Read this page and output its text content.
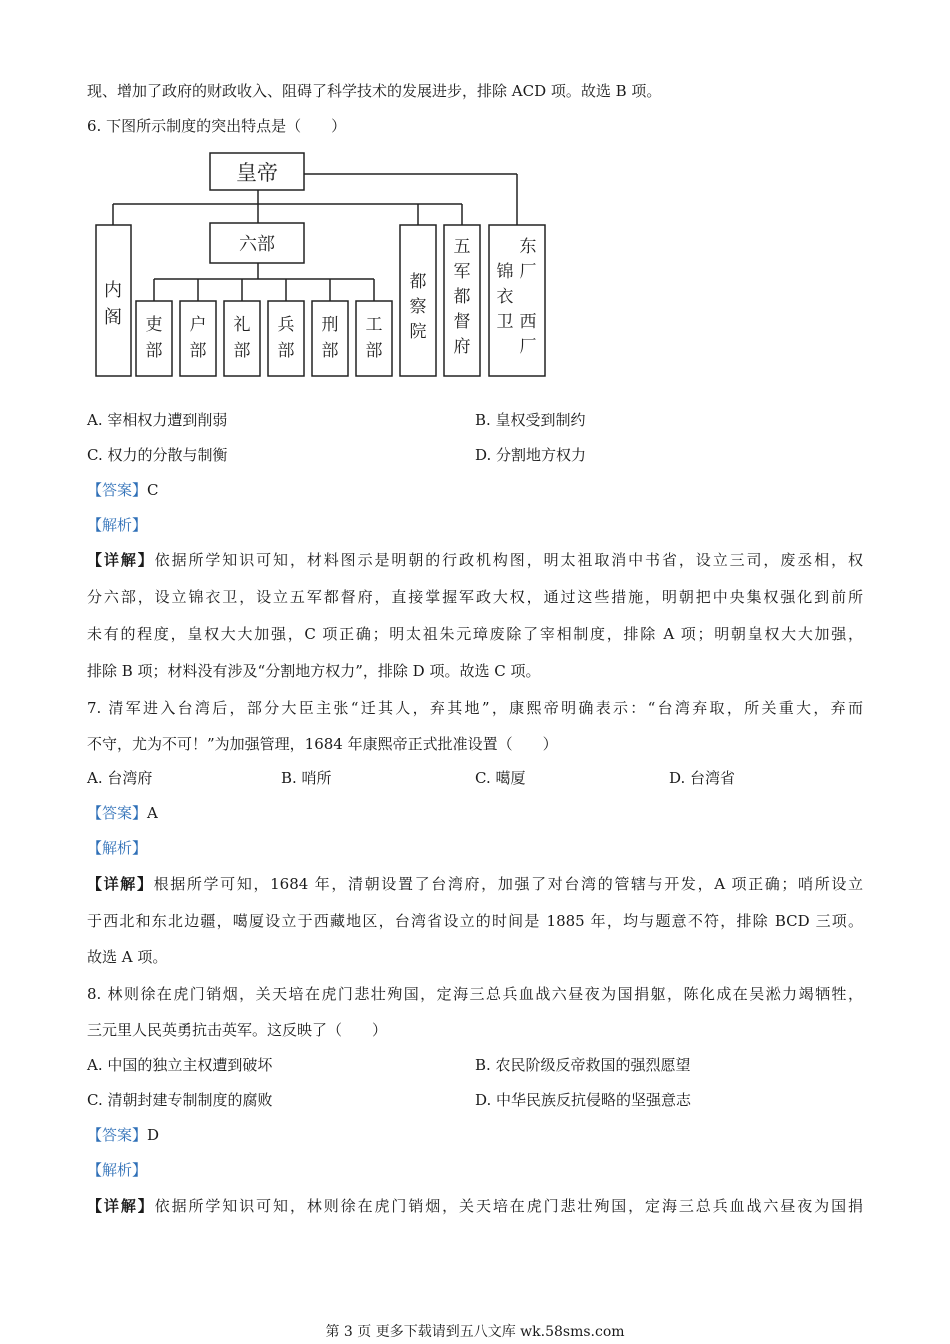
现、增加了政府的财政收入、阻碍了科学技术的发展进步，排除 ACD 项。故选 B 项。
6. 下图所示制度的突出特点是（　　）
皇帝
六部
内
阁 吏
部
户
部
礼
部
兵
部
刑
部
工
部
都
察
院
五
军
都
督
府
东
厂
锦
衣
卫 西
厂
A. 宰相权力遭到削弱	B. 皇权受到制约
C. 权力的分散与制衡	D. 分割地方权力
【答案】C
【解析】
【详解】依据所学知识可知，材料图示是明朝的行政机构图，明太祖取消中书省，设立三司，废丞相，权
分六部，设立锦衣卫，设立五军都督府，直接掌握军政大权，通过这些措施，明朝把中央集权强化到前所
未有的程度，皇权大大加强，C 项正确；明太祖朱元璋废除了宰相制度，排除 A 项；明朝皇权大大加强，
排除 B 项；材料没有涉及“分割地方权力”，排除 D 项。故选 C 项。
7. 清军进入台湾后，部分大臣主张“迁其人，弃其地”，康熙帝明确表示：“台湾弃取，所关重大，弃而
不守，尤为不可！”为加强管理，1684 年康熙帝正式批准设置（　　）
A. 台湾府	B. 哨所	C. 噶厦	D. 台湾省
【答案】A
【解析】
【详解】根据所学可知，1684 年，清朝设置了台湾府，加强了对台湾的管辖与开发，A 项正确；哨所设立
于西北和东北边疆，噶厦设立于西藏地区，台湾省设立的时间是 1885 年，均与题意不符，排除 BCD 三项。
故选 A 项。
8. 林则徐在虎门销烟，关天培在虎门悲壮殉国，定海三总兵血战六昼夜为国捐躯，陈化成在吴淞力竭牺牲，
三元里人民英勇抗击英军。这反映了（　　）
A. 中国的独立主权遭到破坏	B. 农民阶级反帝救国的强烈愿望
C. 清朝封建专制制度的腐败	D. 中华民族反抗侵略的坚强意志
【答案】D
【解析】
【详解】依据所学知识可知，林则徐在虎门销烟，关天培在虎门悲壮殉国，定海三总兵血战六昼夜为国捐
第 3 页 更多下载请到五八文库 wk.58sms.com
